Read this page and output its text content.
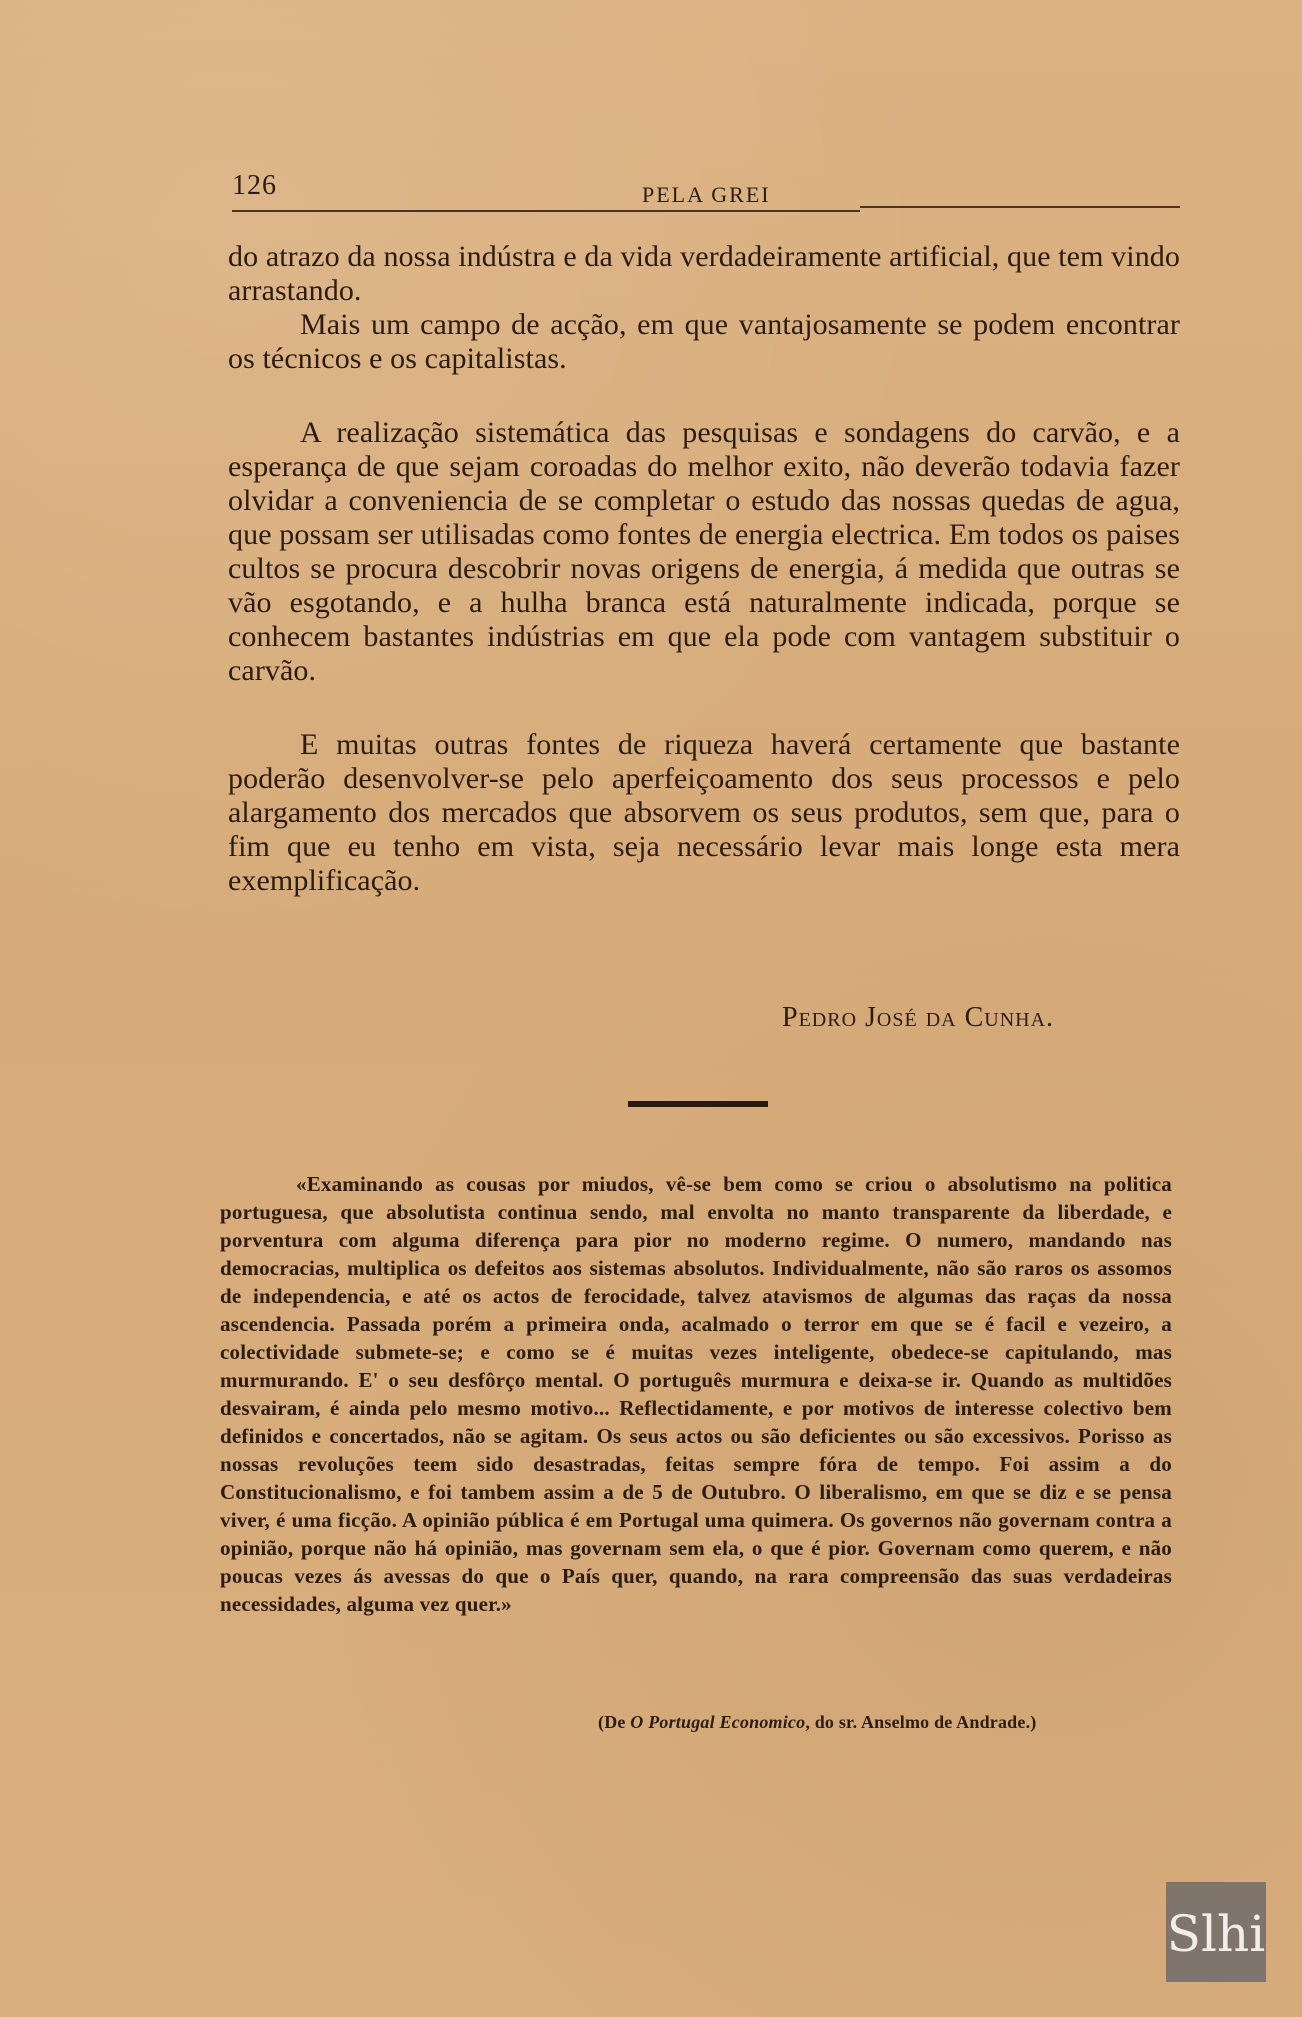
126	PELA GREI

do atrazo da nossa indústra e da vida verdadeiramente artificial, que tem vindo arrastando.

Mais um campo de acção, em que vantajosamente se podem encontrar os técnicos e os capitalistas.

A realização sistemática das pesquisas e sondagens do carvão, e a esperança de que sejam coroadas do melhor exito, não deverão todavia fazer olvidar a conveniencia de se completar o estudo das nossas quedas de agua, que possam ser utilisadas como fontes de energia electrica. Em todos os paises cultos se procura descobrir novas origens de energia, á medida que outras se vão esgotando, e a hulha branca está naturalmente indicada, porque se conhecem bastantes indústrias em que ela pode com vantagem substituir o carvão.

E muitas outras fontes de riqueza haverá certamente que bastante poderão desenvolver-se pelo aperfeiçoamento dos seus processos e pelo alargamento dos mercados que absorvem os seus produtos, sem que, para o fim que eu tenho em vista, seja necessário levar mais longe esta mera exemplificação.

Pedro José da Cunha.

«Examinando as cousas por miudos, vê-se bem como se criou o absolutismo na politica portuguesa, que absolutista continua sendo, mal envolta no manto transparente da liberdade, e porventura com alguma diferença para pior no moderno regime. O numero, mandando nas democracias, multiplica os defeitos aos sistemas absolutos. Individualmente, não são raros os assomos de independencia, e até os actos de ferocidade, talvez atavismos de algumas das raças da nossa ascendencia. Passada porém a primeira onda, acalmado o terror em que se é facil e vezeiro, a colectividade submete-se; e como se é muitas vezes inteligente, obedece-se capitulando, mas murmurando. E' o seu desfôrço mental. O português murmura e deixa-se ir. Quando as multidões desvairam, é ainda pelo mesmo motivo... Reflectidamente, e por motivos de interesse colectivo bem definidos e concertados, não se agitam. Os seus actos ou são deficientes ou são excessivos. Porisso as nossas revoluções teem sido desastradas, feitas sempre fóra de tempo. Foi assim a do Constitucionalismo, e foi tambem assim a de 5 de Outubro. O liberalismo, em que se diz e se pensa viver, é uma ficção. A opinião pública é em Portugal uma quimera. Os governos não governam contra a opinião, porque não há opinião, mas governam sem ela, o que é pior. Governam como querem, e não poucas vezes ás avessas do que o País quer, quando, na rara compreensão das suas verdadeiras necessidades, alguma vez quer.»

(De O Portugal Economico, do sr. Anselmo de Andrade.)
Slhi
